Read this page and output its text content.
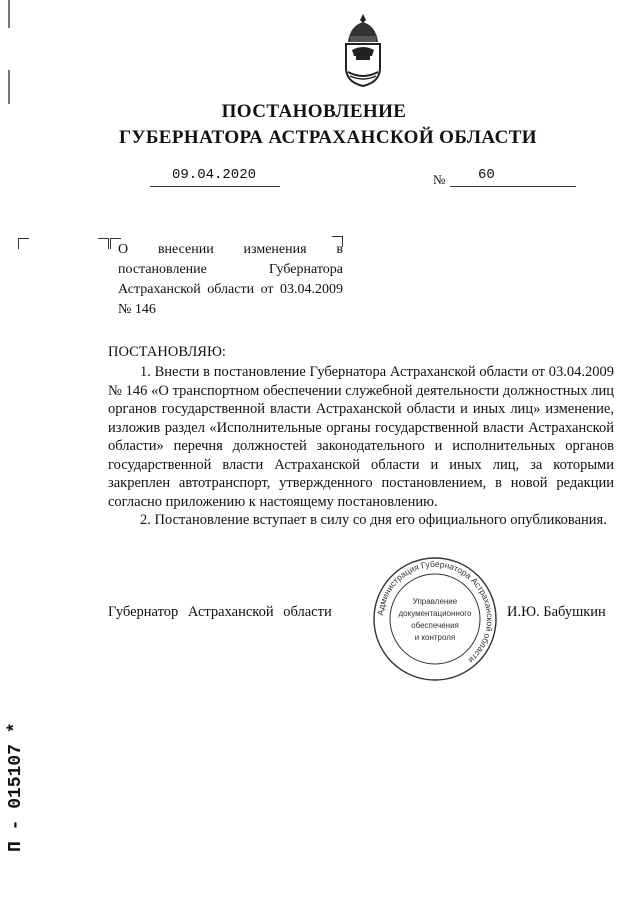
ПОСТАНОВЛЕНИЕ
ГУБЕРНАТОРА АСТРАХАНСКОЙ ОБЛАСТИ
09.04.2020	№	60
О внесении изменения в постановление Губернатора Астраханской области от 03.04.2009 № 146
ПОСТАНОВЛЯЮ:

1. Внести в постановление Губернатора Астраханской области от 03.04.2009 № 146 «О транспортном обеспечении служебной деятельности должностных лиц органов государственной власти Астраханской области и иных лиц» изменение, изложив раздел «Исполнительные органы государственной власти Астраханской области» перечня должностей законодательного и исполнительных органов государственной власти Астраханской области и иных лиц, за которыми закреплен автотранспорт, утвержденного постановлением, в новой редакции согласно приложению к настоящему постановлению.

2. Постановление вступает в силу со дня его официального опубликования.

Администрация Губернатора Астраханской области
Управление
документационного
обеспечения
и контроля
Губернатор Астраханской области	И.Ю. Бабушкин
П - 015107 *
